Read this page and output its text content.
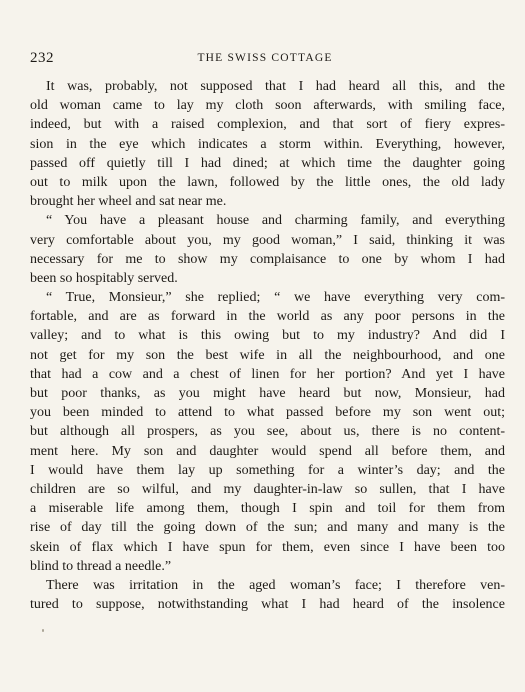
232	THE SWISS COTTAGE
It was, probably, not supposed that I had heard all this, and the
old woman came to lay my cloth soon afterwards, with smiling face,
indeed, but with a raised complexion, and that sort of fiery expres-
sion in the eye which indicates a storm within. Everything, however,
passed off quietly till I had dined; at which time the daughter going
out to milk upon the lawn, followed by the little ones, the old lady
brought her wheel and sat near me.
“ You have a pleasant house and charming family, and everything
very comfortable about you, my good woman,” I said, thinking it was
necessary for me to show my complaisance to one by whom I had
been so hospitably served.
“ True, Monsieur,” she replied; “ we have everything very com-
fortable, and are as forward in the world as any poor persons in the
valley; and to what is this owing but to my industry? And did I
not get for my son the best wife in all the neighbourhood, and one
that had a cow and a chest of linen for her portion? And yet I have
but poor thanks, as you might have heard but now, Monsieur, had
you been minded to attend to what passed before my son went out;
but although all prospers, as you see, about us, there is no content-
ment here. My son and daughter would spend all before them, and
I would have them lay up something for a winter’s day; and the
children are so wilful, and my daughter-in-law so sullen, that I have
a miserable life among them, though I spin and toil for them from
rise of day till the going down of the sun; and many and many is the
skein of flax which I have spun for them, even since I have been too
blind to thread a needle.”
There was irritation in the aged woman’s face; I therefore ven-
tured to suppose, notwithstanding what I had heard of the insolence
